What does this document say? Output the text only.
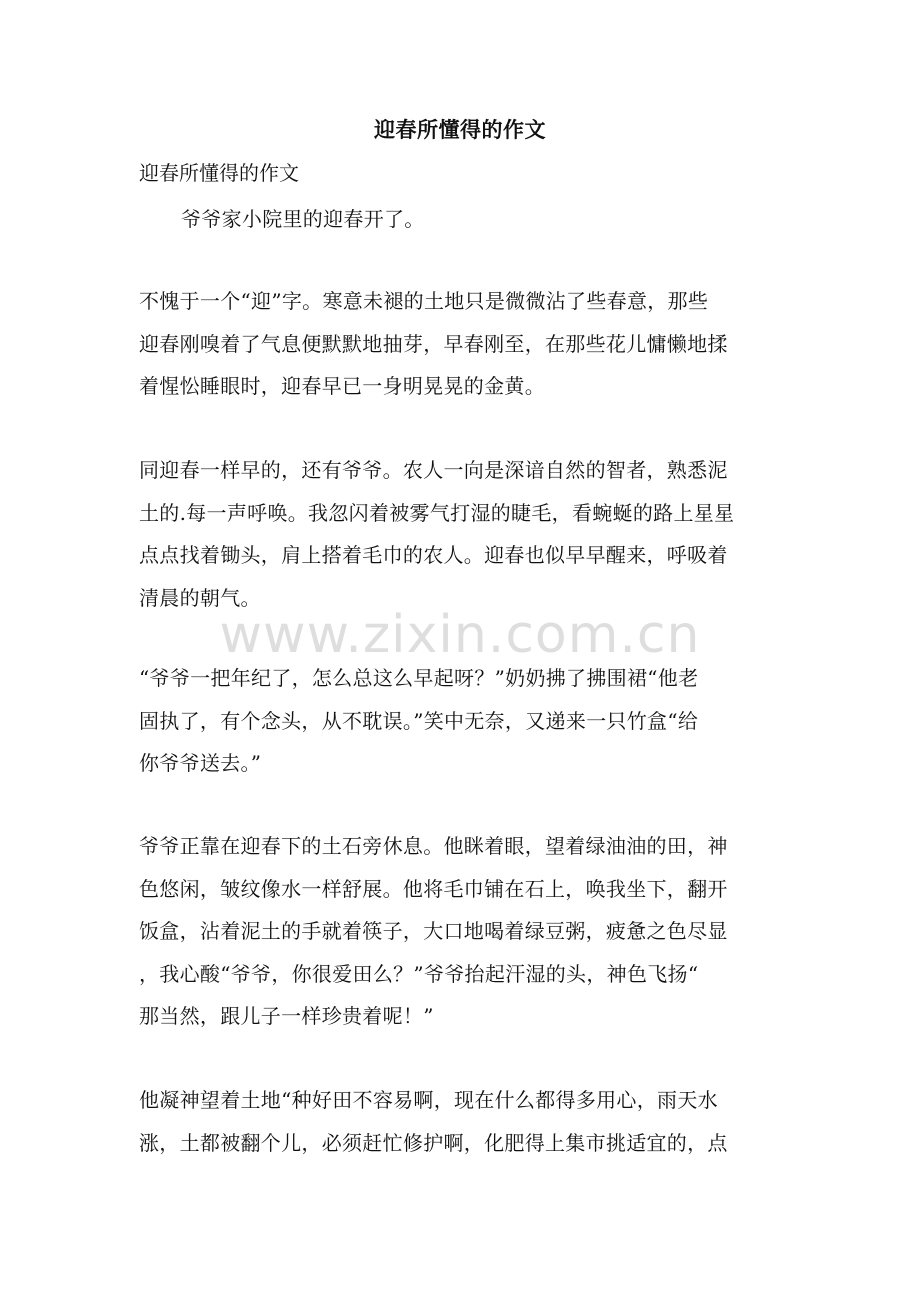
迎春所懂得的作文
迎春所懂得的作文

爷爷家小院里的迎春开了。

不愧于一个“迎”字。寒意未褪的土地只是微微沾了些春意，那些
迎春刚嗅着了气息便默默地抽芽，早春刚至，在那些花儿慵懒地揉
着惺忪睡眼时，迎春早已一身明晃晃的金黄。

同迎春一样早的，还有爷爷。农人一向是深谙自然的智者，熟悉泥
土的.每一声呼唤。我忽闪着被雾气打湿的睫毛，看蜿蜒的路上星星
点点找着锄头，肩上搭着毛巾的农人。迎春也似早早醒来，呼吸着
清晨的朝气。

“爷爷一把年纪了，怎么总这么早起呀？”奶奶拂了拂围裙“他老
固执了，有个念头，从不耽误。”笑中无奈，又递来一只竹盒“给
你爷爷送去。”

爷爷正靠在迎春下的土石旁休息。他眯着眼，望着绿油油的田，神
色悠闲，皱纹像水一样舒展。他将毛巾铺在石上，唤我坐下，翻开
饭盒，沾着泥土的手就着筷子，大口地喝着绿豆粥，疲惫之色尽显
，我心酸“爷爷，你很爱田么？”爷爷抬起汗湿的头，神色飞扬“
那当然，跟儿子一样珍贵着呢！”

他凝神望着土地“种好田不容易啊，现在什么都得多用心，雨天水
涨，土都被翻个儿，必须赶忙修护啊，化肥得上集市挑适宜的，点

www.zixin.com.cn
